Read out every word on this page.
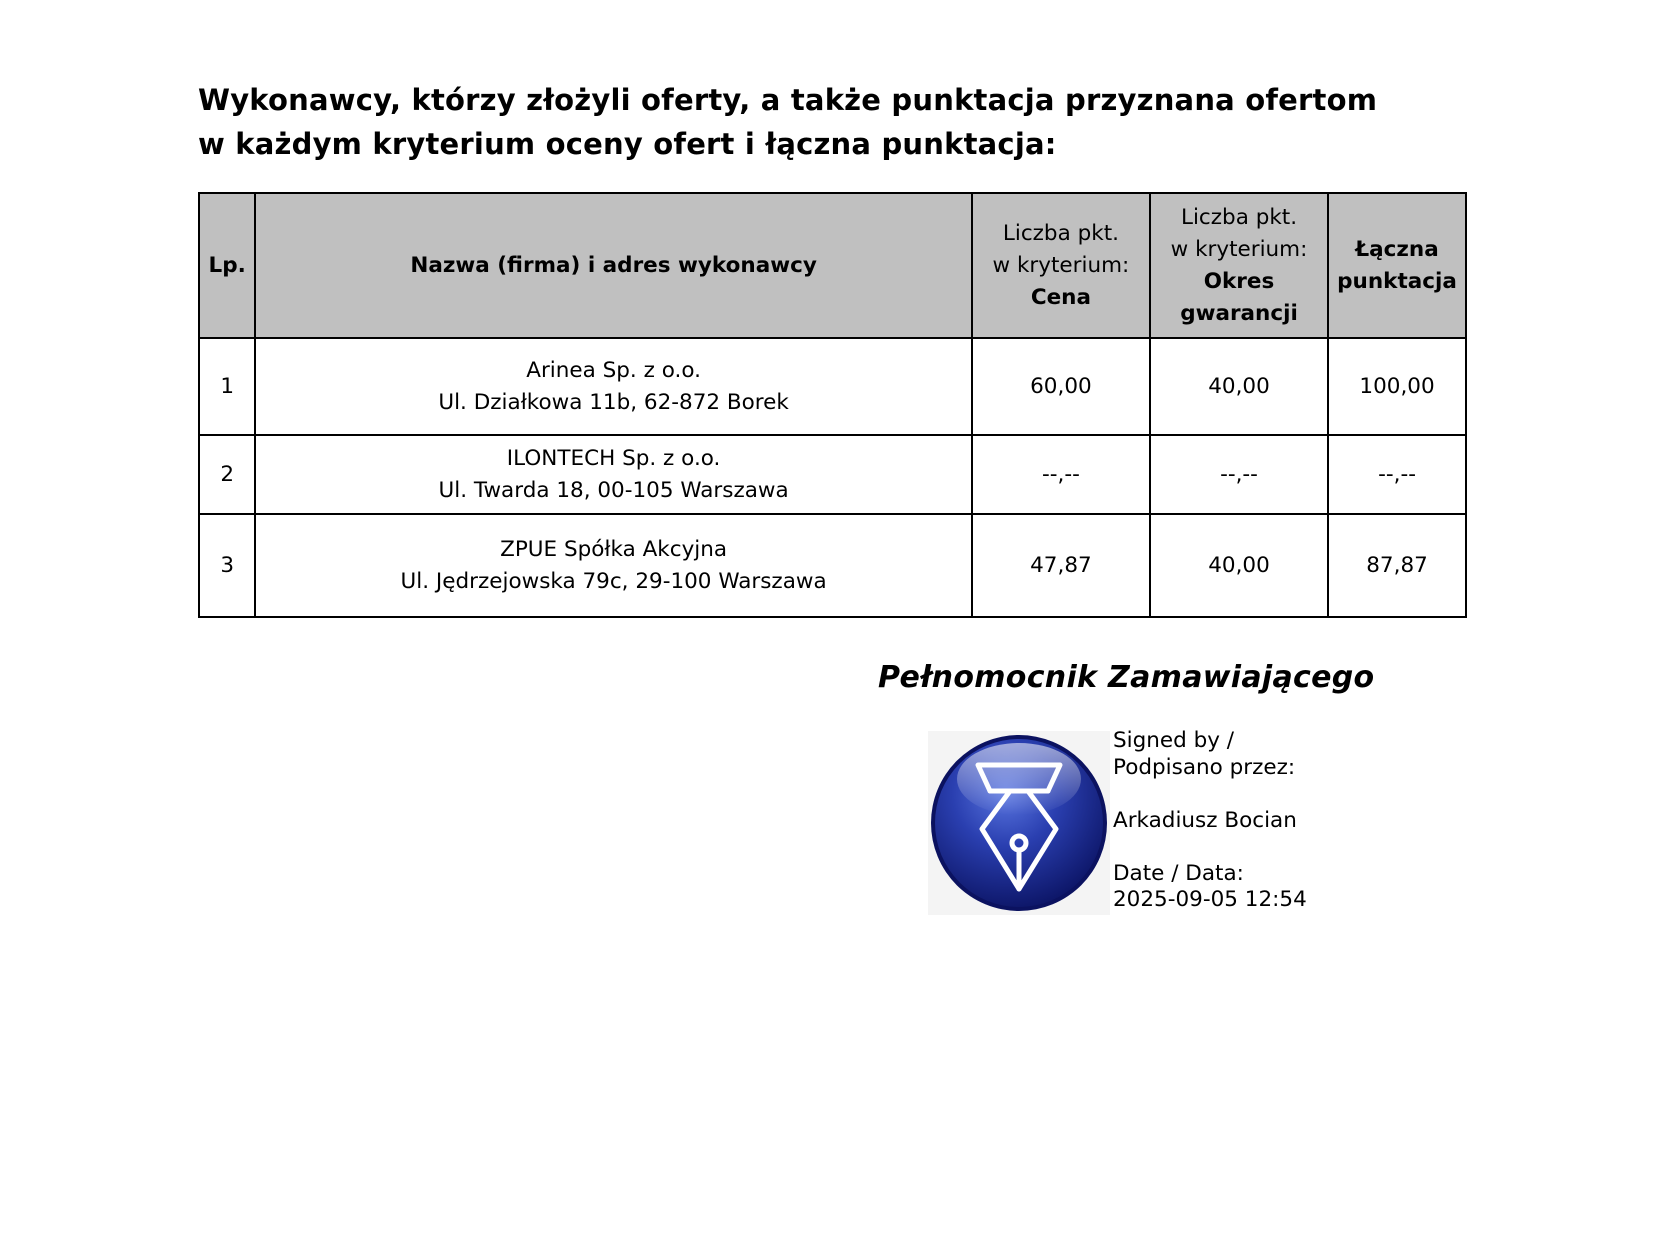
Wykonawcy, którzy złożyli oferty, a także punktacja przyznana ofertom
w każdym kryterium oceny ofert i łączna punktacja:
Lp.	Nazwa (firma) i adres wykonawcy	Liczba pkt.
w kryterium:
Cena	Liczba pkt.
w kryterium:
Okres
gwarancji	Łączna
punktacja

1	Arinea Sp. z o.o.
Ul. Działkowa 11b, 62-872 Borek	60,00	40,00	100,00
2	ILONTECH Sp. z o.o.
Ul. Twarda 18, 00-105 Warszawa	--,--	--,--	--,--
3	ZPUE Spółka Akcyjna
Ul. Jędrzejowska 79c, 29-100 Warszawa	47,87	40,00	87,87
Pełnomocnik Zamawiającego
Signed by /
Podpisano przez:
Arkadiusz Bocian
Date / Data:
2025-09-05 12:54
